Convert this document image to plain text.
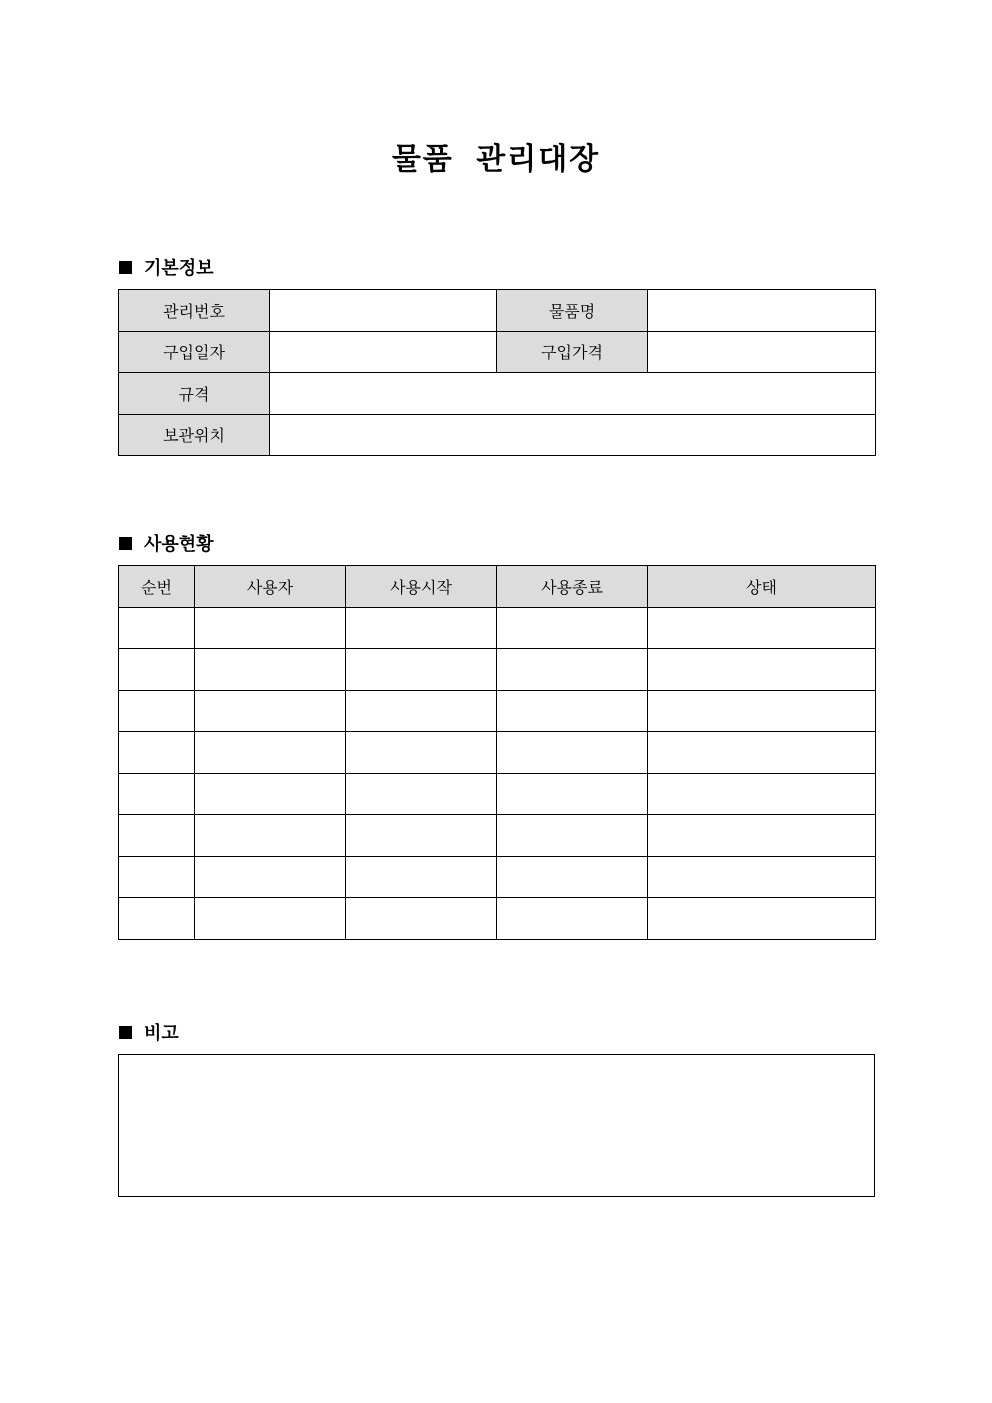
물품 관리대장
기본정보
관리번호		물품명	
구입일자		구입가격	
규격			
보관위치			
사용현황
순번	사용자	사용시작	사용종료	상태

비고
